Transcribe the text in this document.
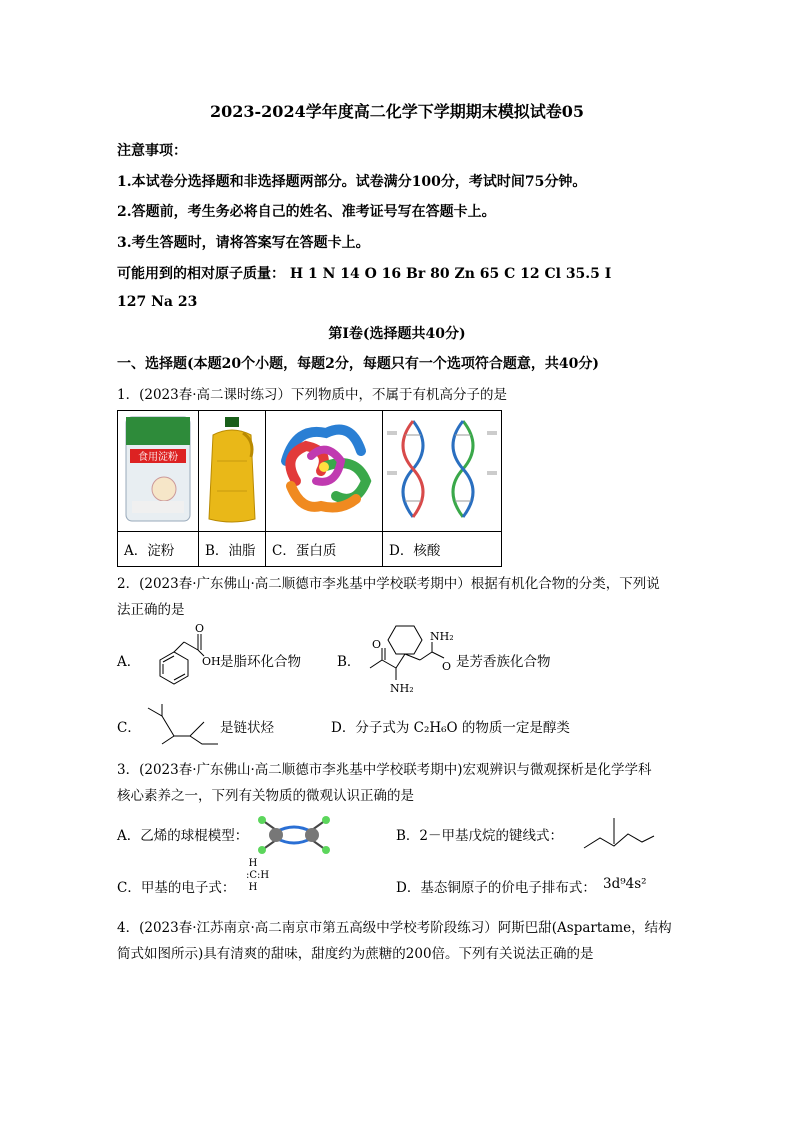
2023-2024学年度高二化学下学期期末模拟试卷05
注意事项：
1.本试卷分选择题和非选择题两部分。试卷满分100分，考试时间75分钟。
2.答题前，考生务必将自己的姓名、准考证号写在答题卡上。
3.考生答题时，请将答案写在答题卡上。
可能用到的相对原子质量： H 1 N 14 O 16 Br 80 Zn 65 C 12 Cl 35.5 I
127 Na 23
第I卷(选择题共40分)
一、选择题(本题20个小题，每题2分，每题只有一个选项符合题意，共40分)
1．(2023春·高二课时练习）下列物质中，不属于有机高分子的是
食用淀粉

A．淀粉	B．油脂	C．蛋白质	D．核酸
2．(2023春·广东佛山·高二顺德市李兆基中学校联考期中）根据有机化合物的分类，下列说
法正确的是
A．
O
OH 是脂环化合物	B．
O
NH₂
O
NH₂
是芳香族化合物
C．	是链状烃	D．分子式为 C₂H₆O 的物质一定是醇类
3．(2023春·广东佛山·高二顺德市李兆基中学校联考期中)宏观辨识与微观探析是化学学科
核心素养之一，下列有关物质的微观认识正确的是
A．乙烯的球棍模型：	B．2－甲基戊烷的键线式：
C．甲基的电子式：
H
:C:H
H	D．基态铜原子的价电子排布式： 3d⁹4s²
4．(2023春·江苏南京·高二南京市第五高级中学校考阶段练习）阿斯巴甜(Aspartame，结构
简式如图所示)具有清爽的甜味，甜度约为蔗糖的200倍。下列有关说法正确的是
